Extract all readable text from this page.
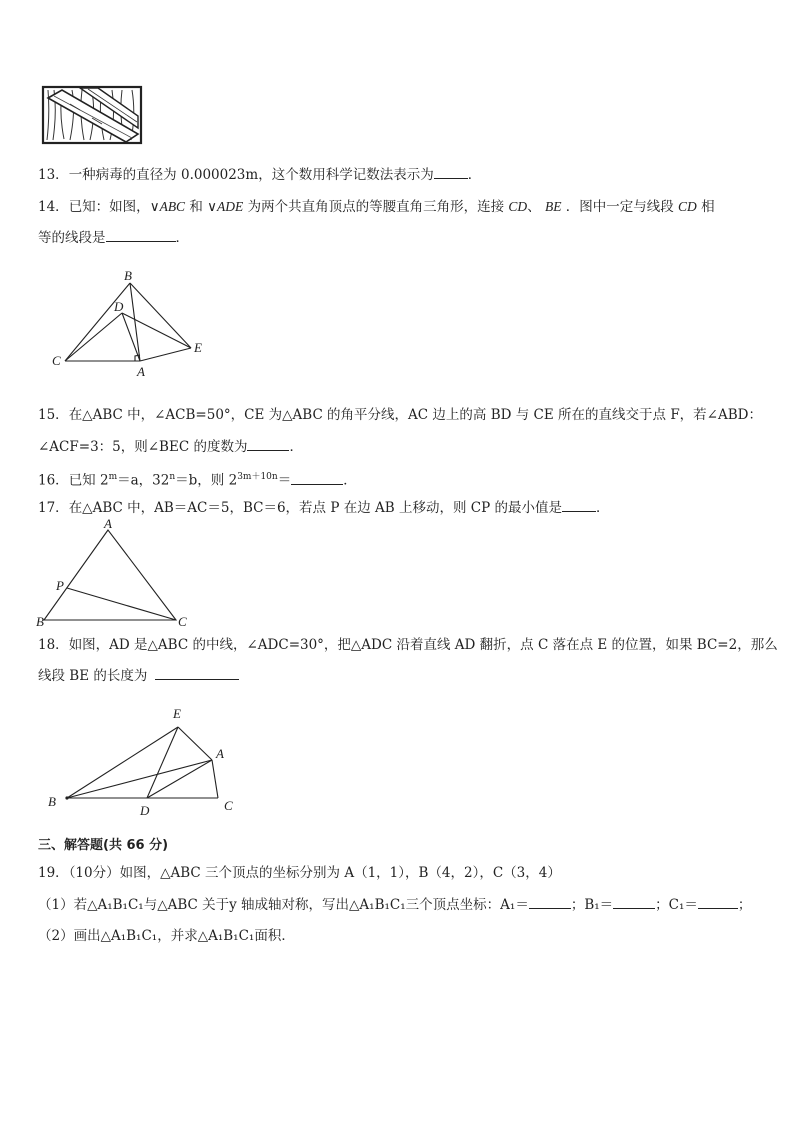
13．一种病毒的直径为 0.000023m，这个数用科学记数法表示为	．
14．已知：如图，∨ABC 和 ∨ADE 为两个共直角顶点的等腰直角三角形，连接 CD、 BE ．图中一定与线段 CD 相
等的线段是	．
B
D
C
A
E
15．在△ABC 中，∠ACB=50°，CE 为△ABC 的角平分线，AC 边上的高 BD 与 CE 所在的直线交于点 F，若∠ABD：
∠ACF=3：5，则∠BEC 的度数为	．
16．已知 $2^m=a$，$32^n=b$，则 $2^{3m+10n}=$	．
17．在△ABC 中，AB＝AC＝5，BC＝6，若点 P 在边 AB 上移动，则 CP 的最小值是	．
A
P
B	C
18．如图，AD 是△ABC 的中线，∠ADC=30°，把△ADC 沿着直线 AD 翻折，点 C 落在点 E 的位置，如果 BC=2，那么
线段 BE 的长度为
E
A
B
D	C
三、解答题(共 66 分)
19．（10分）如图，△ABC 三个顶点的坐标分别为 A（1，1），B（4，2），C（3，4）
（1）若△A₁B₁C₁与△ABC 关于y 轴成轴对称，写出△A₁B₁C₁三个顶点坐标：A₁＝	；B₁＝	；C₁＝	；
（2）画出△A₁B₁C₁，并求△A₁B₁C₁面积．
